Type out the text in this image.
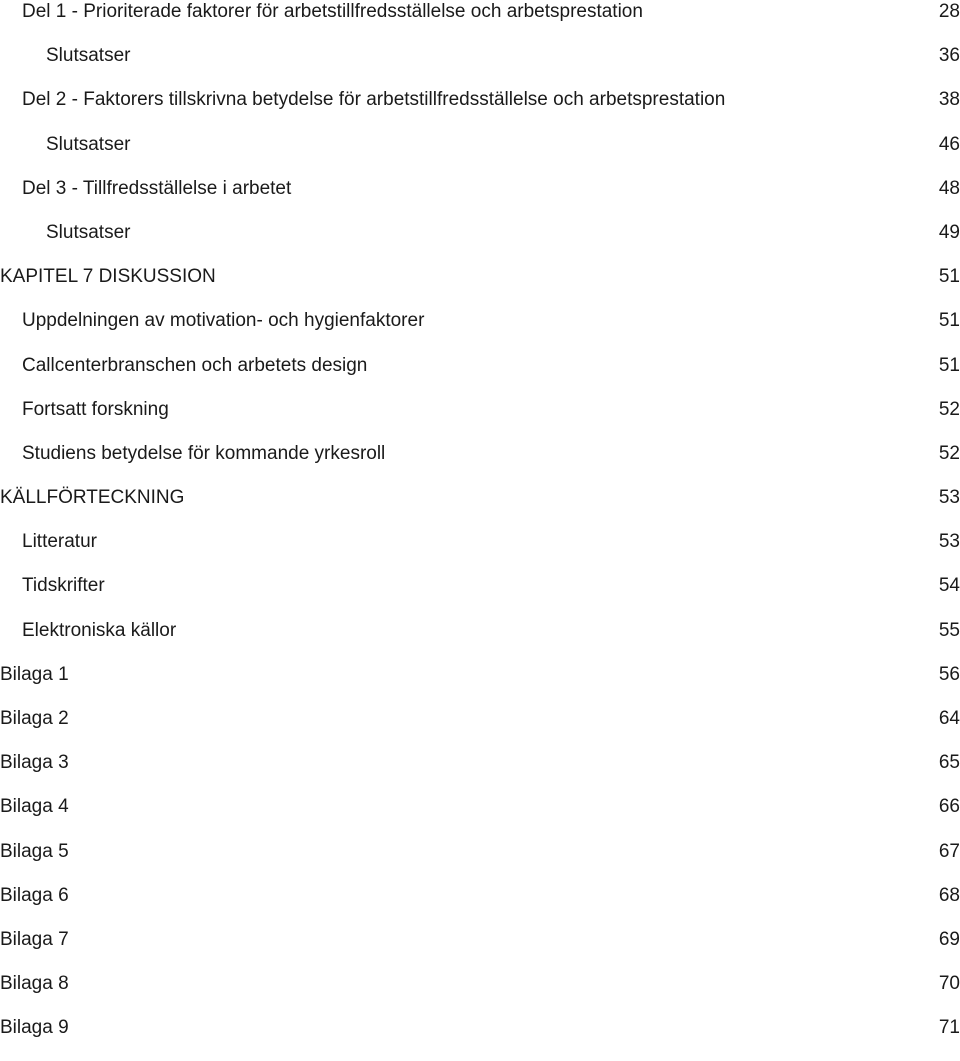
Del 1 - Prioriterade faktorer för arbetstillfredsställelse och arbetsprestation	28
Slutsatser	36
Del 2 - Faktorers tillskrivna betydelse för arbetstillfredsställelse och arbetsprestation	38
Slutsatser	46
Del 3 - Tillfredsställelse i arbetet	48
Slutsatser	49
KAPITEL 7 DISKUSSION	51
Uppdelningen av motivation- och hygienfaktorer	51
Callcenterbranschen och arbetets design	51
Fortsatt forskning	52
Studiens betydelse för kommande yrkesroll	52
KÄLLFÖRTECKNING	53
Litteratur	53
Tidskrifter	54
Elektroniska källor	55
Bilaga 1	56
Bilaga 2	64
Bilaga 3	65
Bilaga 4	66
Bilaga 5	67
Bilaga 6	68
Bilaga 7	69
Bilaga 8	70
Bilaga 9	71
